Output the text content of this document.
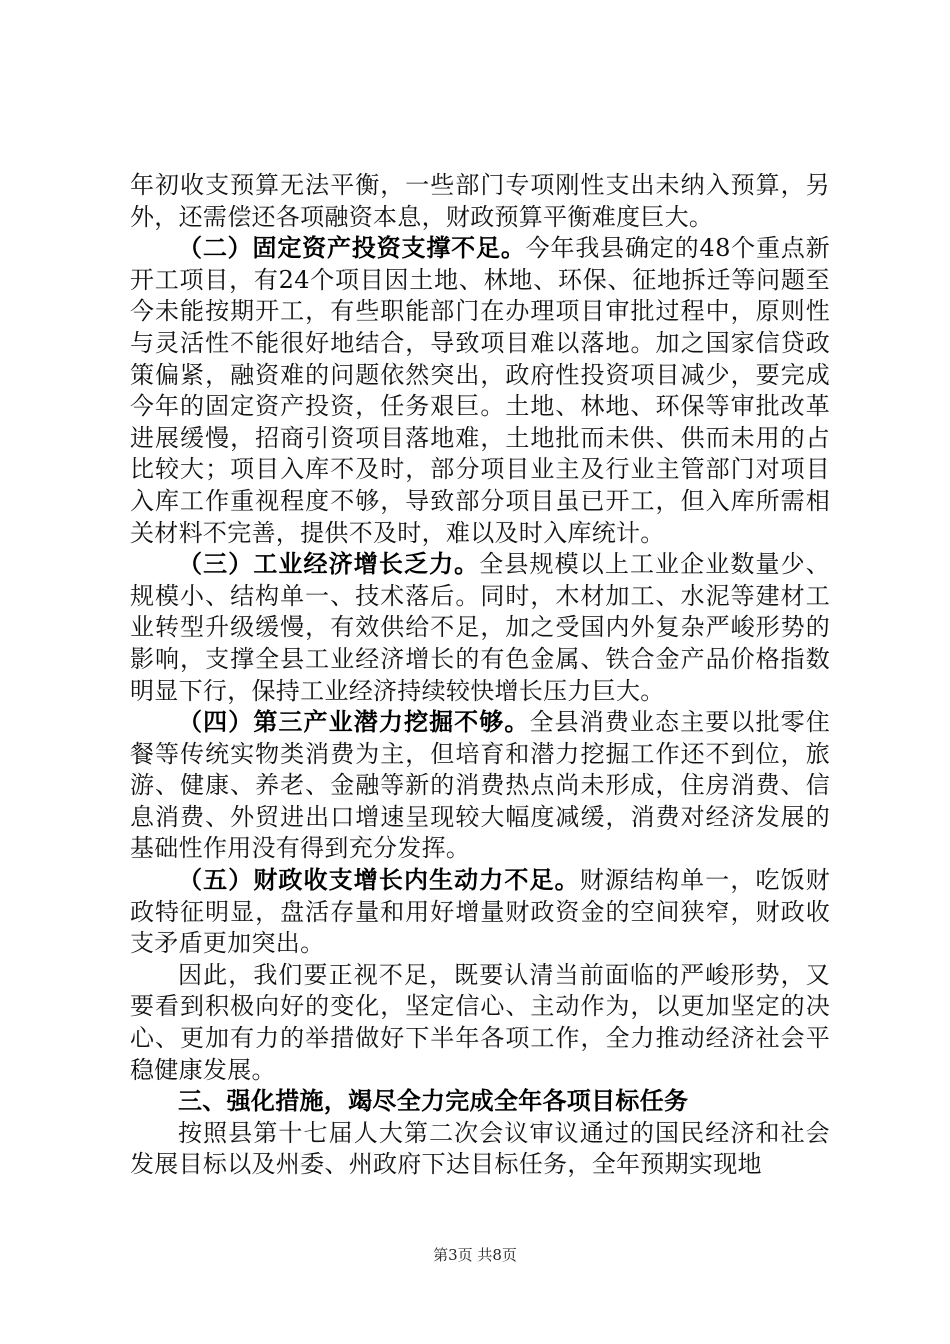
年初收支预算无法平衡，一些部门专项刚性支出未纳入预算，另外，还需偿还各项融资本息，财政预算平衡难度巨大。

（二）固定资产投资支撑不足。今年我县确定的48个重点新开工项目，有24个项目因土地、林地、环保、征地拆迁等问题至今未能按期开工，有些职能部门在办理项目审批过程中，原则性与灵活性不能很好地结合，导致项目难以落地。加之国家信贷政策偏紧，融资难的问题依然突出，政府性投资项目减少，要完成今年的固定资产投资，任务艰巨。土地、林地、环保等审批改革进展缓慢，招商引资项目落地难，土地批而未供、供而未用的占比较大；项目入库不及时，部分项目业主及行业主管部门对项目入库工作重视程度不够，导致部分项目虽已开工，但入库所需相关材料不完善，提供不及时，难以及时入库统计。

（三）工业经济增长乏力。全县规模以上工业企业数量少、规模小、结构单一、技术落后。同时，木材加工、水泥等建材工业转型升级缓慢，有效供给不足，加之受国内外复杂严峻形势的影响，支撑全县工业经济增长的有色金属、铁合金产品价格指数明显下行，保持工业经济持续较快增长压力巨大。

（四）第三产业潜力挖掘不够。全县消费业态主要以批零住餐等传统实物类消费为主，但培育和潜力挖掘工作还不到位，旅游、健康、养老、金融等新的消费热点尚未形成，住房消费、信息消费、外贸进出口增速呈现较大幅度减缓，消费对经济发展的基础性作用没有得到充分发挥。

（五）财政收支增长内生动力不足。财源结构单一，吃饭财政特征明显，盘活存量和用好增量财政资金的空间狭窄，财政收支矛盾更加突出。

因此，我们要正视不足，既要认清当前面临的严峻形势，又要看到积极向好的变化，坚定信心、主动作为，以更加坚定的决心、更加有力的举措做好下半年各项工作，全力推动经济社会平稳健康发展。

三、强化措施，竭尽全力完成全年各项目标任务

按照县第十七届人大第二次会议审议通过的国民经济和社会发展目标以及州委、州政府下达目标任务，全年预期实现地

第3页 共8页
